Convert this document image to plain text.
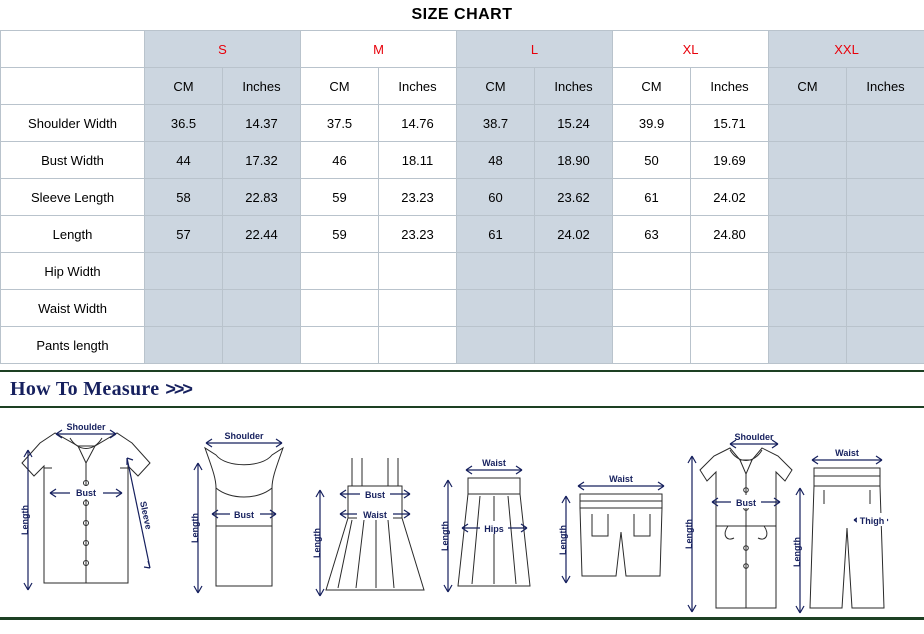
SIZE CHART
	S		M		L		XL		XXL	
	CM	Inches	CM	Inches	CM	Inches	CM	Inches	CM	Inches
Shoulder Width	36.5	14.37	37.5	14.76	38.7	15.24	39.9	15.71		
Bust Width	44	17.32	46	18.11	48	18.90	50	19.69		
Sleeve Length	58	22.83	59	23.23	60	23.62	61	24.02		
Length	57	22.44	59	23.23	61	24.02	63	24.80		
Hip Width										
Waist Width										
Pants length										
How To Measure >>>
Shoulder
Bust
Sleeve
Length
Shoulder
Bust
Length
Bust
Waist
Length
Waist
Hips
Length
Waist
Length
Shoulder
Bust
Length
Waist
Thigh
Length
